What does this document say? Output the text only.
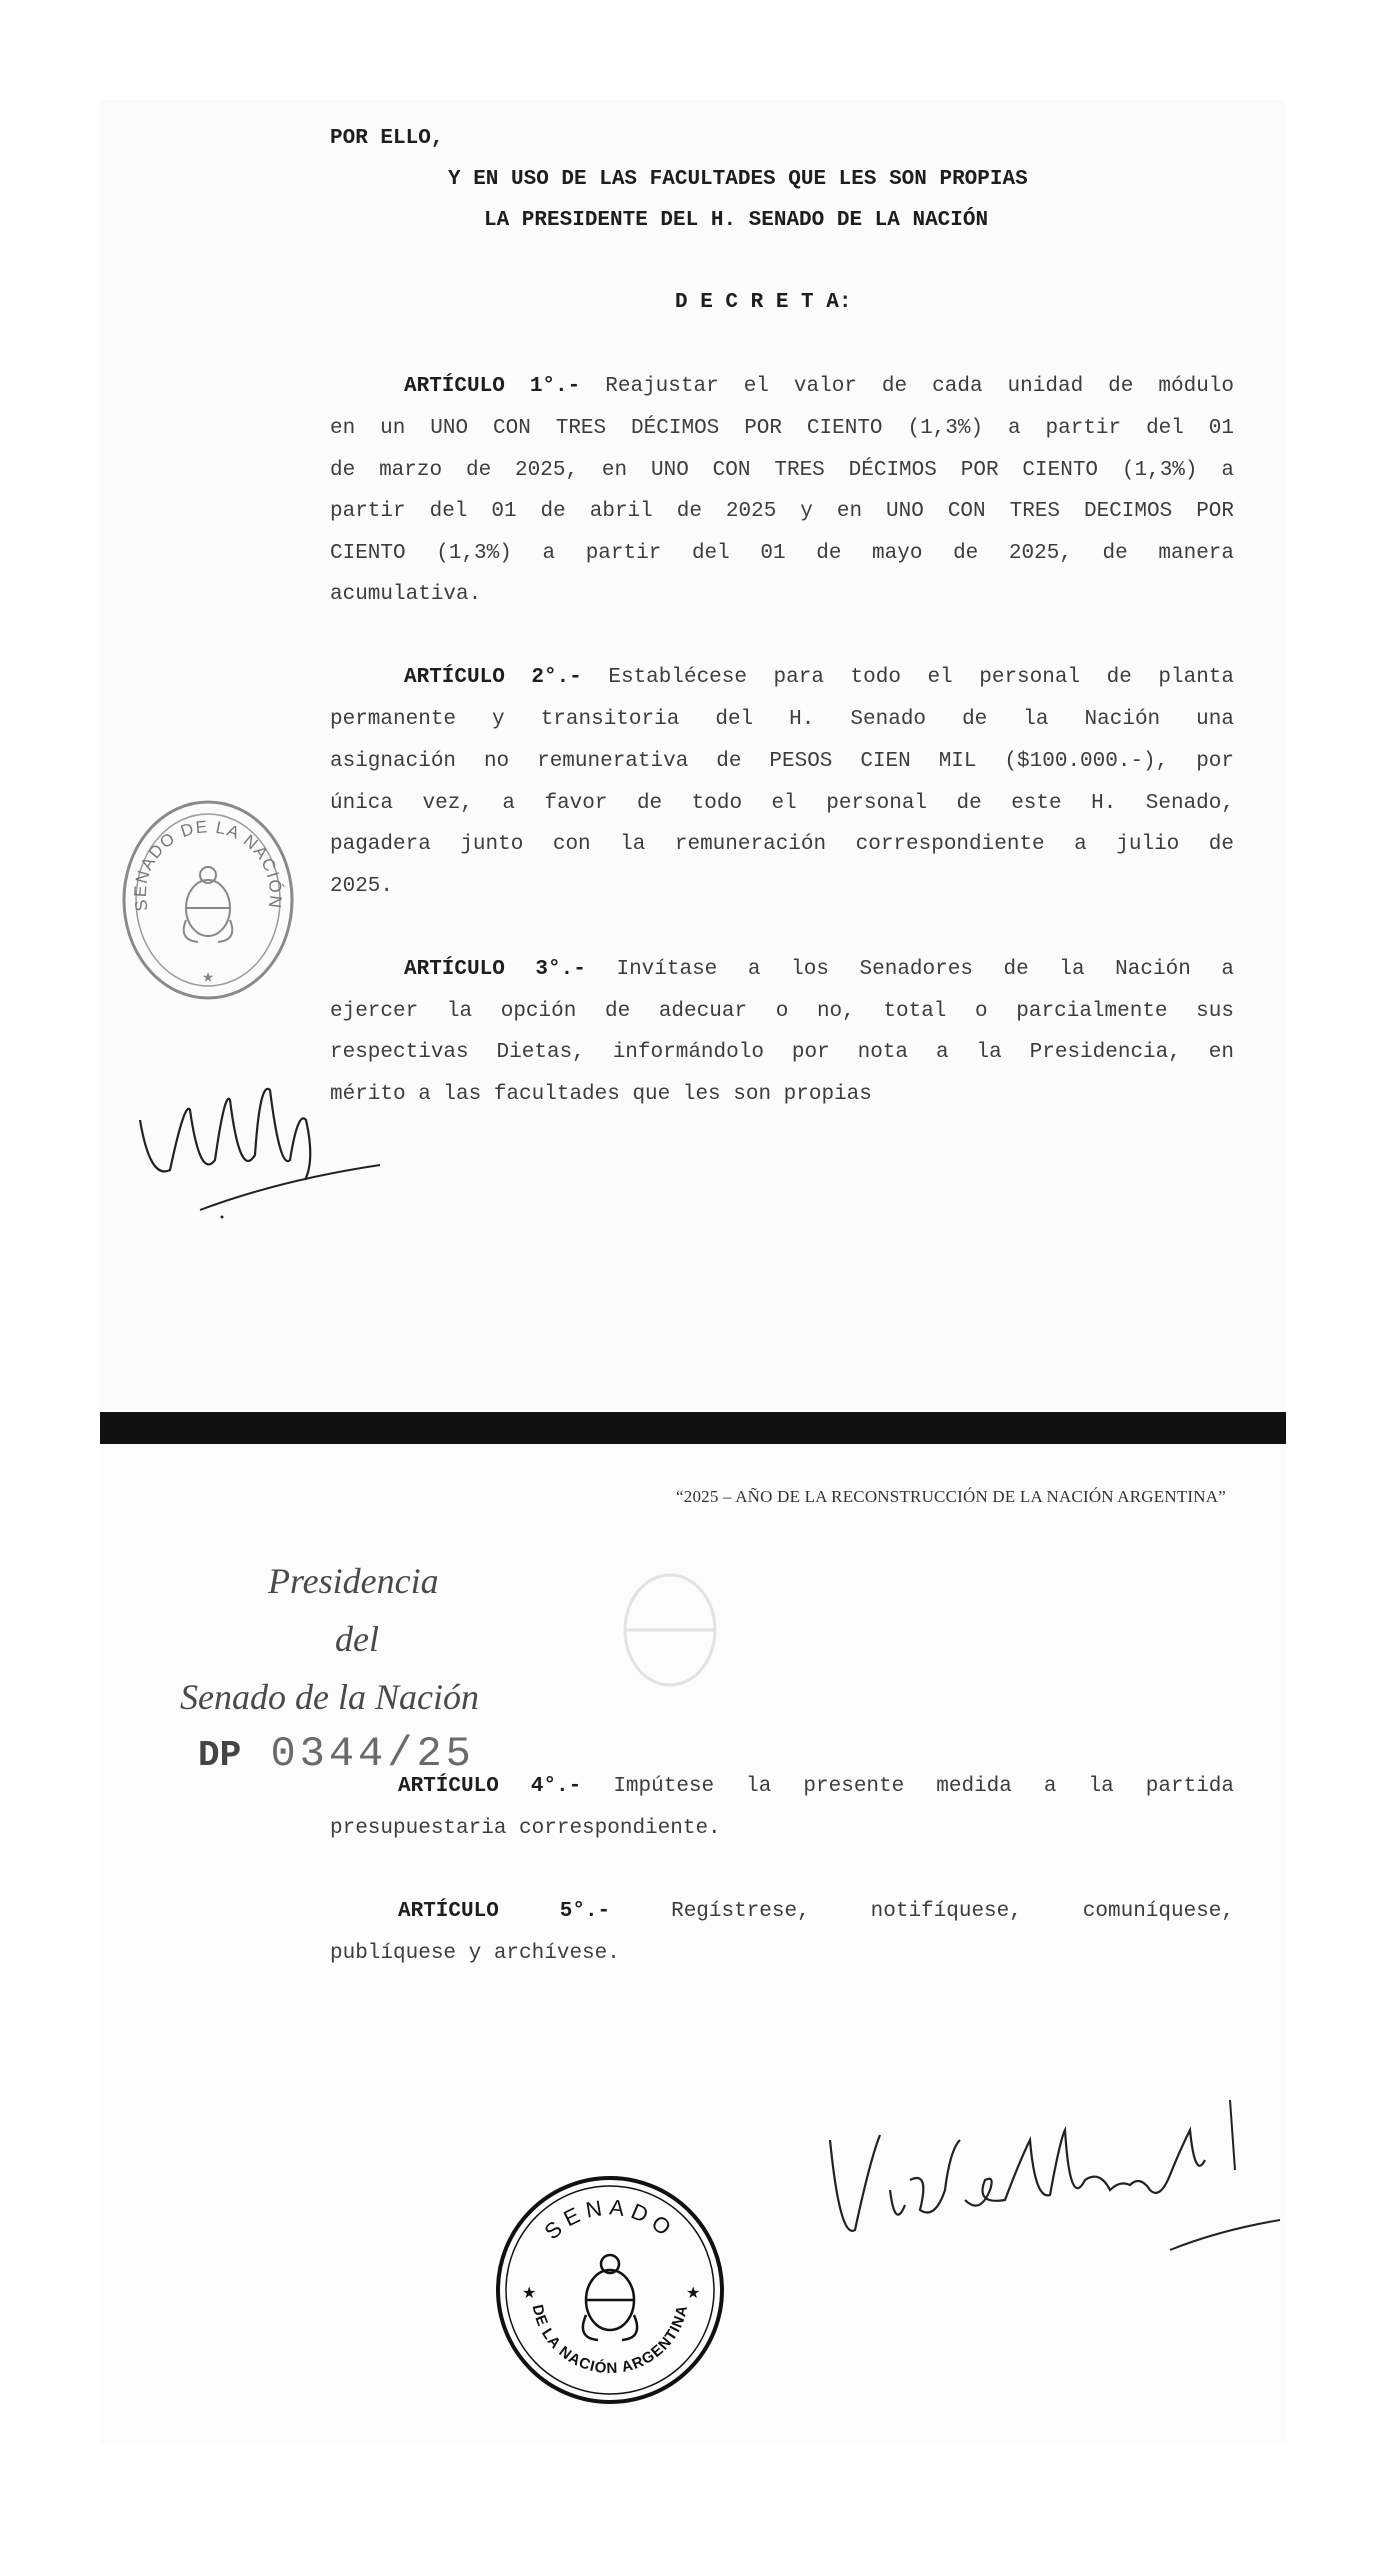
POR ELLO,
Y EN USO DE LAS FACULTADES QUE LES SON PROPIAS
LA PRESIDENTE DEL H. SENADO DE LA NACIÓN
D E C R E T A:
ARTÍCULO 1°.- Reajustar el valor de cada unidad de módulo
en un UNO CON TRES DÉCIMOS POR CIENTO (1,3%) a partir del 01
de marzo de 2025, en UNO CON TRES DÉCIMOS POR CIENTO (1,3%) a
partir del 01 de abril de 2025 y en UNO CON TRES DECIMOS POR
CIENTO (1,3%) a partir del 01 de mayo de 2025, de manera
acumulativa.
ARTÍCULO 2°.- Establécese para todo el personal de planta
permanente y transitoria del H. Senado de la Nación una
asignación no remunerativa de PESOS CIEN MIL ($100.000.-), por
única vez, a favor de todo el personal de este H. Senado,
pagadera junto con la remuneración correspondiente a julio de
2025.
ARTÍCULO 3°.- Invítase a los Senadores de la Nación a
ejercer la opción de adecuar o no, total o parcialmente sus
respectivas Dietas, informándolo por nota a la Presidencia, en
mérito a las facultades que les son propias
SENADO DE LA NACIÓN
★
“2025 – AÑO DE LA RECONSTRUCCIÓN DE LA NACIÓN ARGENTINA”
Presidencia
del
Senado de la Nación
DP 0344/25
ARTÍCULO 4°.- Impútese la presente medida a la partida
presupuestaria correspondiente.
ARTÍCULO 5°.-	Regístrese, notifíquese, comuníquese,
publíquese y archívese.
SENADO
DE LA NACIÓN ARGENTINA
★	★
